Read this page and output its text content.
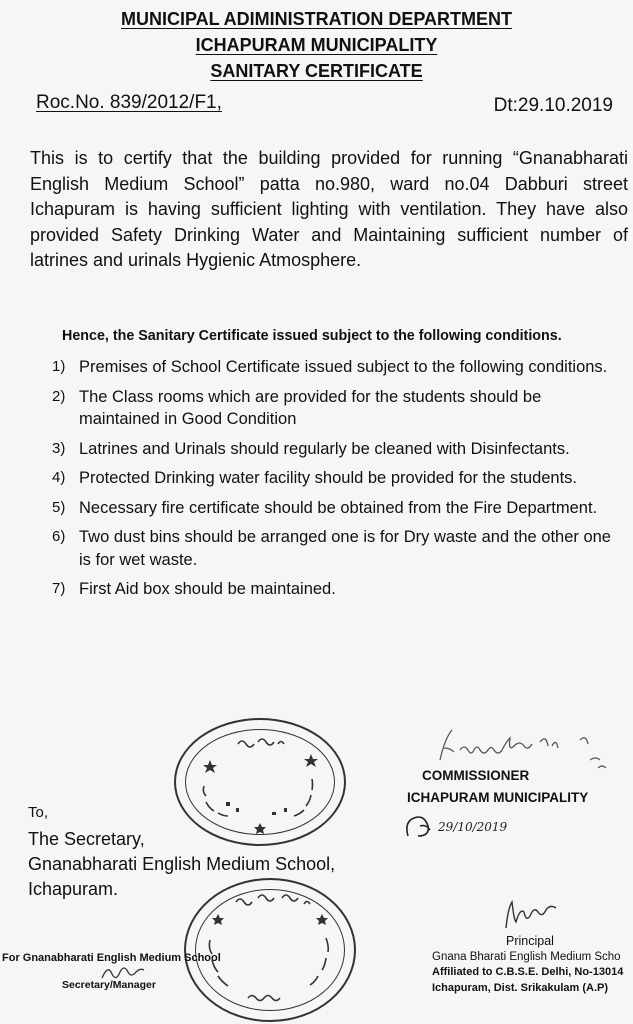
MUNICIPAL ADIMINISTRATION DEPARTMENT
ICHAPURAM MUNICIPALITY
SANITARY CERTIFICATE
Roc.No. 839/2012/F1,	Dt:29.10.2019
This is to certify that the building provided for running “Gnanabharati English Medium School” patta no.980, ward no.04 Dabburi street Ichapuram is having sufficient lighting with ventilation. They have also provided Safety Drinking Water and Maintaining sufficient number of latrines and urinals Hygienic Atmosphere.
Hence, the Sanitary Certificate issued subject to the following conditions.
1) Premises of School Certificate issued subject to the following conditions.
2) The Class rooms which are provided for the students should be maintained in Good Condition
3) Latrines and Urinals should regularly be cleaned with Disinfectants.
4) Protected Drinking water facility should be provided for the students.
5) Necessary fire certificate should be obtained from the Fire Department.
6) Two dust bins should be arranged one is for Dry waste and the other one is for wet waste.
7) First Aid box should be maintained.
COMMISSIONER
ICHAPURAM MUNICIPALITY
29/10/2019
To,
The Secretary,
Gnanabharati English Medium School,
Ichapuram.
For Gnanabharati English Medium School
Secretary/Manager
Principal
Gnana Bharati English Medium Scho
Affiliated to C.B.S.E. Delhi, No-13014
Ichapuram, Dist. Srikakulam (A.P)
